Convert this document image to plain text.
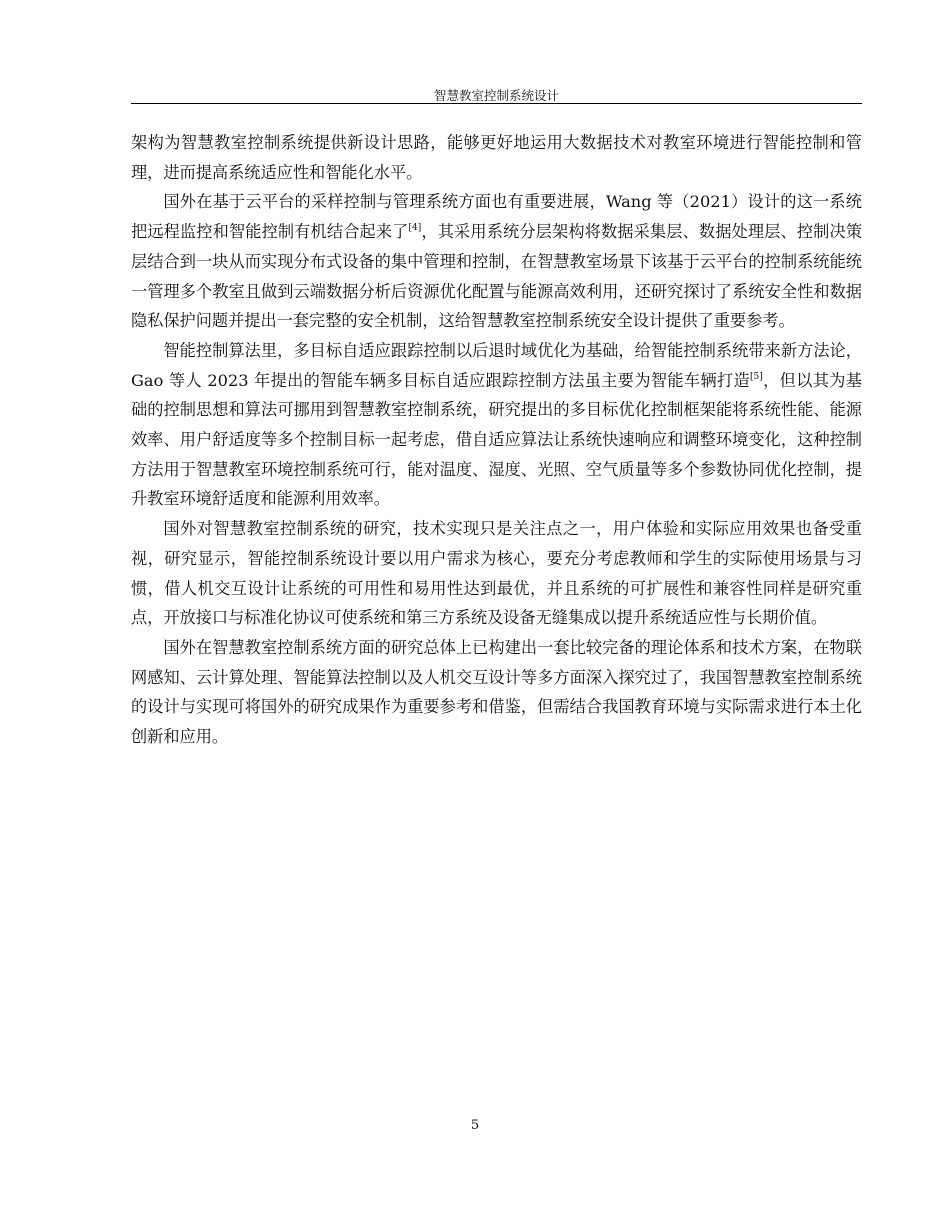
智慧教室控制系统设计

架构为智慧教室控制系统提供新设计思路，能够更好地运用大数据技术对教室环境进行智能控制和管理，进而提高系统适应性和智能化水平。

国外在基于云平台的采样控制与管理系统方面也有重要进展，Wang 等（2021）设计的这一系统把远程监控和智能控制有机结合起来了[4]，其采用系统分层架构将数据采集层、数据处理层、控制决策层结合到一块从而实现分布式设备的集中管理和控制，在智慧教室场景下该基于云平台的控制系统能统一管理多个教室且做到云端数据分析后资源优化配置与能源高效利用，还研究探讨了系统安全性和数据隐私保护问题并提出一套完整的安全机制，这给智慧教室控制系统安全设计提供了重要参考。

智能控制算法里，多目标自适应跟踪控制以后退时域优化为基础，给智能控制系统带来新方法论，Gao 等人 2023 年提出的智能车辆多目标自适应跟踪控制方法虽主要为智能车辆打造[5]，但以其为基础的控制思想和算法可挪用到智慧教室控制系统，研究提出的多目标优化控制框架能将系统性能、能源效率、用户舒适度等多个控制目标一起考虑，借自适应算法让系统快速响应和调整环境变化，这种控制方法用于智慧教室环境控制系统可行，能对温度、湿度、光照、空气质量等多个参数协同优化控制，提升教室环境舒适度和能源利用效率。

国外对智慧教室控制系统的研究，技术实现只是关注点之一，用户体验和实际应用效果也备受重视，研究显示，智能控制系统设计要以用户需求为核心，要充分考虑教师和学生的实际使用场景与习惯，借人机交互设计让系统的可用性和易用性达到最优，并且系统的可扩展性和兼容性同样是研究重点，开放接口与标准化协议可使系统和第三方系统及设备无缝集成以提升系统适应性与长期价值。

国外在智慧教室控制系统方面的研究总体上已构建出一套比较完备的理论体系和技术方案，在物联网感知、云计算处理、智能算法控制以及人机交互设计等多方面深入探究过了，我国智慧教室控制系统的设计与实现可将国外的研究成果作为重要参考和借鉴，但需结合我国教育环境与实际需求进行本土化创新和应用。

5
